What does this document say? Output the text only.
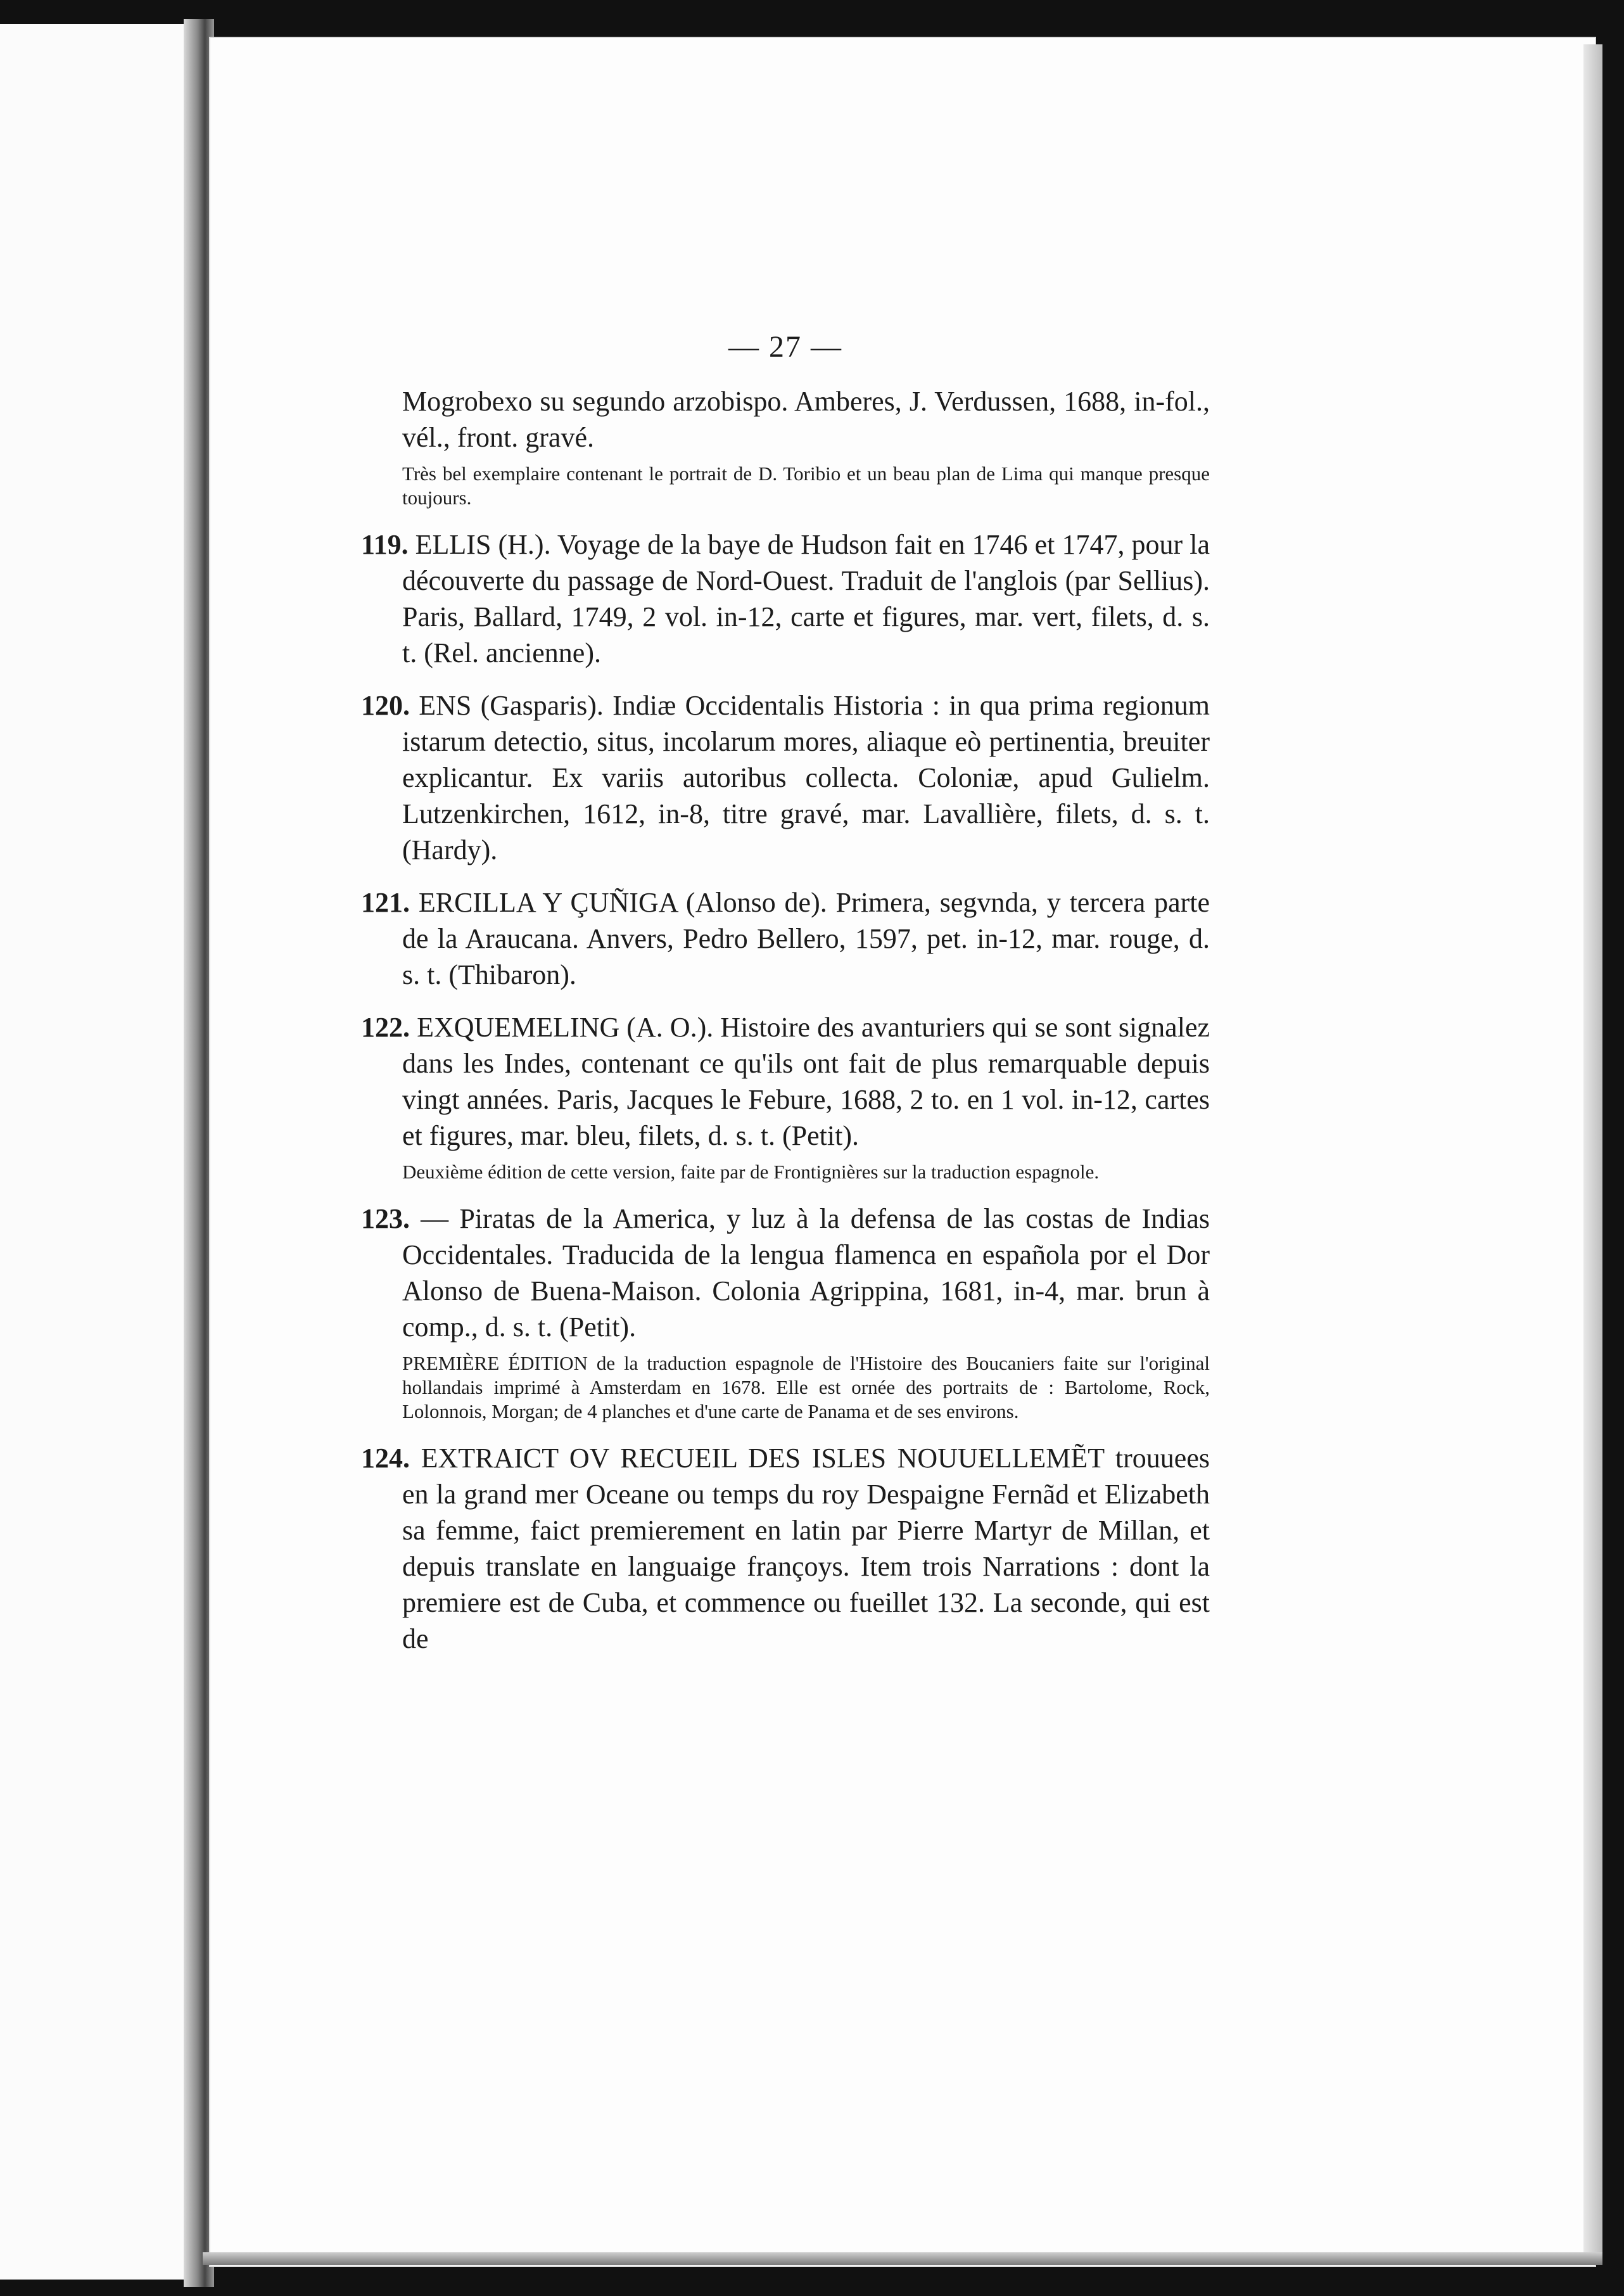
— 27 —
Mogrobexo su segundo arzobispo. Amberes, J. Verdussen, 1688, in-fol., vél., front. gravé.
Très bel exemplaire contenant le portrait de D. Toribio et un beau plan de Lima qui manque presque toujours.
119. ELLIS (H.). Voyage de la baye de Hudson fait en 1746 et 1747, pour la découverte du passage de Nord-Ouest. Traduit de l'anglois (par Sellius). Paris, Ballard, 1749, 2 vol. in-12, carte et figures, mar. vert, filets, d. s. t. (Rel. ancienne).
120. ENS (Gasparis). Indiæ Occidentalis Historia : in qua prima regionum istarum detectio, situs, incolarum mores, aliaque eò pertinentia, breuiter explicantur. Ex variis autoribus collecta. Coloniæ, apud Gulielm. Lutzenkirchen, 1612, in-8, titre gravé, mar. Lavallière, filets, d. s. t. (Hardy).
121. ERCILLA Y ÇUÑIGA (Alonso de). Primera, segvnda, y tercera parte de la Araucana. Anvers, Pedro Bellero, 1597, pet. in-12, mar. rouge, d. s. t. (Thibaron).
122. EXQUEMELING (A. O.). Histoire des avanturiers qui se sont signalez dans les Indes, contenant ce qu'ils ont fait de plus remarquable depuis vingt années. Paris, Jacques le Febure, 1688, 2 to. en 1 vol. in-12, cartes et figures, mar. bleu, filets, d. s. t. (Petit).
Deuxième édition de cette version, faite par de Frontignières sur la traduction espagnole.
123. — Piratas de la America, y luz à la defensa de las costas de Indias Occidentales. Traducida de la lengua flamenca en española por el Dor Alonso de Buena-Maison. Colonia Agrippina, 1681, in-4, mar. brun à comp., d. s. t. (Petit).
PREMIÈRE ÉDITION de la traduction espagnole de l'Histoire des Boucaniers faite sur l'original hollandais imprimé à Amsterdam en 1678. Elle est ornée des portraits de : Bartolome, Rock, Lolonnois, Morgan; de 4 planches et d'une carte de Panama et de ses environs.
124. EXTRAICT OV RECUEIL DES ISLES NOUUELLEMẼT trouuees en la grand mer Oceane ou temps du roy Despaigne Fernãd et Elizabeth sa femme, faict premierement en latin par Pierre Martyr de Millan, et depuis translate en languaige françoys. Item trois Narrations : dont la premiere est de Cuba, et commence ou fueillet 132. La seconde, qui est de
